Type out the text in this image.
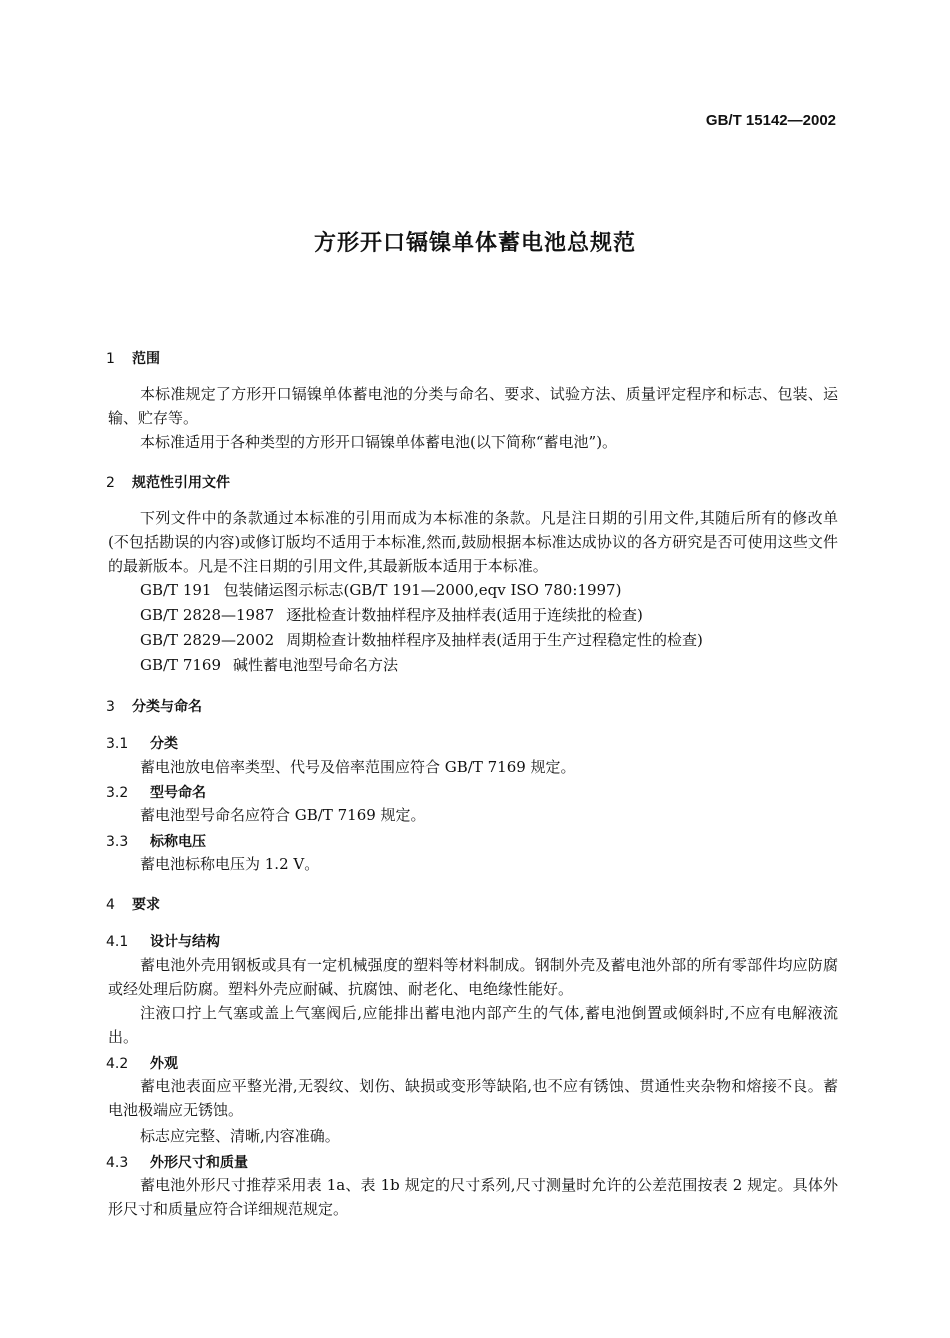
GB/T 15142—2002
方形开口镉镍单体蓄电池总规范
1 范围
本标准规定了方形开口镉镍单体蓄电池的分类与命名、要求、试验方法、质量评定程序和标志、包装、运输、贮存等。
本标准适用于各种类型的方形开口镉镍单体蓄电池(以下简称“蓄电池”)。
2 规范性引用文件
下列文件中的条款通过本标准的引用而成为本标准的条款。凡是注日期的引用文件,其随后所有的修改单(不包括勘误的内容)或修订版均不适用于本标准,然而,鼓励根据本标准达成协议的各方研究是否可使用这些文件的最新版本。凡是不注日期的引用文件,其最新版本适用于本标准。
GB/T 191 包装储运图示标志(GB/T 191—2000,eqv ISO 780:1997)
GB/T 2828—1987 逐批检查计数抽样程序及抽样表(适用于连续批的检查)
GB/T 2829—2002 周期检查计数抽样程序及抽样表(适用于生产过程稳定性的检查)
GB/T 7169 碱性蓄电池型号命名方法
3 分类与命名
3.1 分类
蓄电池放电倍率类型、代号及倍率范围应符合 GB/T 7169 规定。
3.2 型号命名
蓄电池型号命名应符合 GB/T 7169 规定。
3.3 标称电压
蓄电池标称电压为 1.2 V。
4 要求
4.1 设计与结构
蓄电池外壳用钢板或具有一定机械强度的塑料等材料制成。钢制外壳及蓄电池外部的所有零部件均应防腐或经处理后防腐。塑料外壳应耐碱、抗腐蚀、耐老化、电绝缘性能好。
注液口拧上气塞或盖上气塞阀后,应能排出蓄电池内部产生的气体,蓄电池倒置或倾斜时,不应有电解液流出。
4.2 外观
蓄电池表面应平整光滑,无裂纹、划伤、缺损或变形等缺陷,也不应有锈蚀、贯通性夹杂物和熔接不良。蓄电池极端应无锈蚀。
标志应完整、清晰,内容准确。
4.3 外形尺寸和质量
蓄电池外形尺寸推荐采用表 1a、表 1b 规定的尺寸系列,尺寸测量时允许的公差范围按表 2 规定。具体外形尺寸和质量应符合详细规范规定。
